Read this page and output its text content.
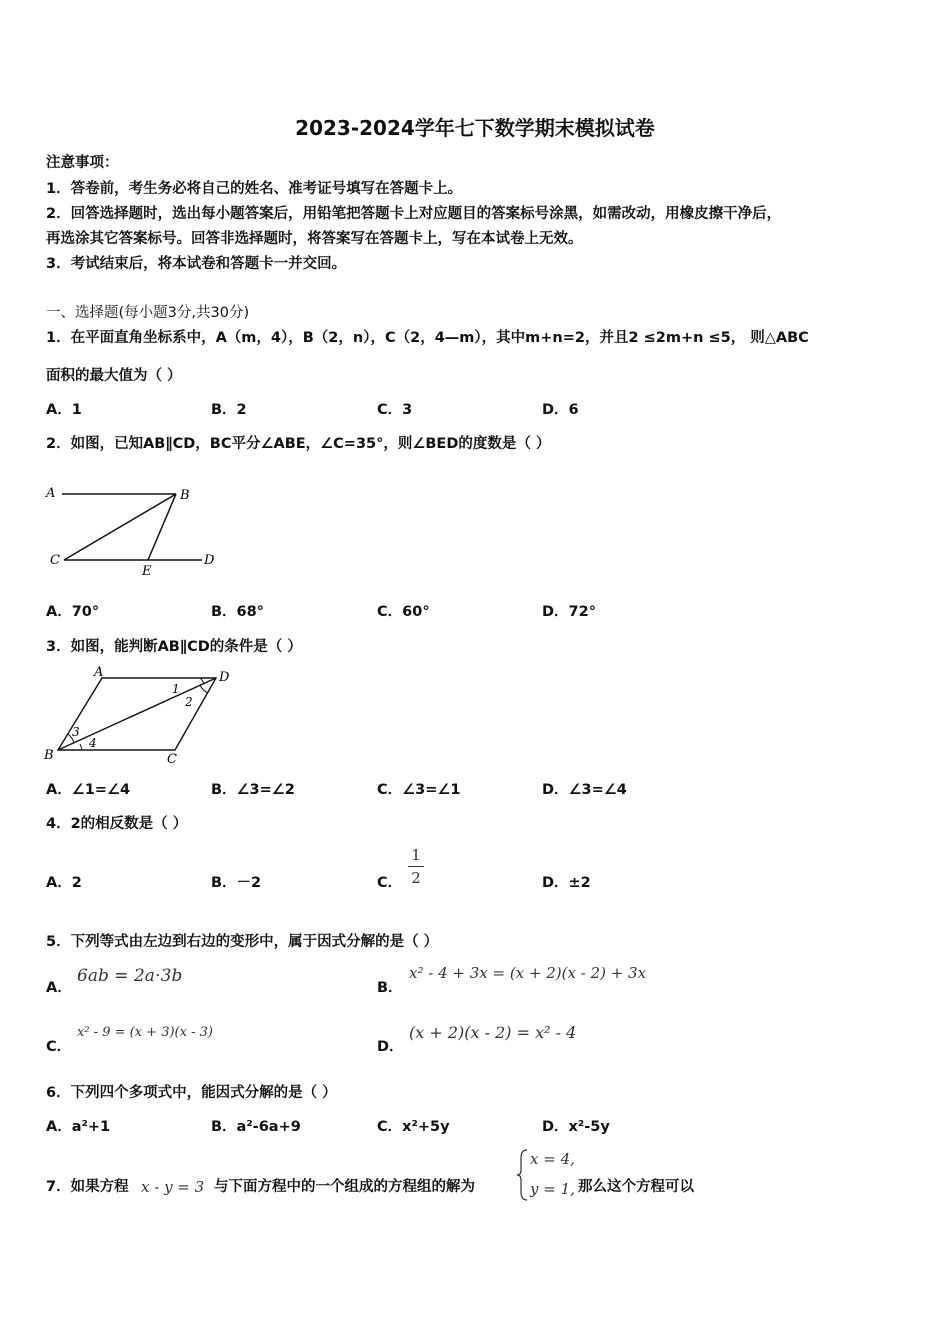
2023-2024学年七下数学期末模拟试卷
注意事项：
1．答卷前，考生务必将自己的姓名、准考证号填写在答题卡上。
2．回答选择题时，选出每小题答案后，用铅笔把答题卡上对应题目的答案标号涂黑，如需改动，用橡皮擦干净后，
再选涂其它答案标号。回答非选择题时，将答案写在答题卡上，写在本试卷上无效。
3．考试结束后，将本试卷和答题卡一并交回。
一、选择题(每小题3分,共30分)
1．在平面直角坐标系中，A（m，4），B（2，n），C（2，4—m），其中m+n=2，并且2 ≤2m+n ≤5， 则△ABC
面积的最大值为（ ）
A．1	B．2	C．3	D．6
2．如图，已知AB∥CD，BC平分∠ABE，∠C=35°，则∠BED的度数是（ ）
A	B
C
E
D
A．70°	B．68°	C．60°	D．72°
3．如图，能判断AB∥CD的条件是（ ）
A	D
B	C
1
2
3
4
A．∠1=∠4	B．∠3=∠2	C．∠3=∠1	D．∠3=∠4
4．2的相反数是（ ）
A．2	B．－2	C．
1
2	D．±2
5．下列等式由左边到右边的变形中，属于因式分解的是（ ）
A．
6ab = 2a⋅3b
B．
x² - 4 + 3x = (x + 2)(x - 2) + 3x
C．
x² - 9 = (x + 3)(x - 3)
D．
(x + 2)(x - 2) = x² - 4
6．下列四个多项式中，能因式分解的是（ ）
A．a²+1	B．a²-6a+9	C．x²+5y	D．x²-5y
7．如果方程 x - y = 3 与下面方程中的一个组成的方程组的解为
x = 4,
y = 1, 那么这个方程可以
